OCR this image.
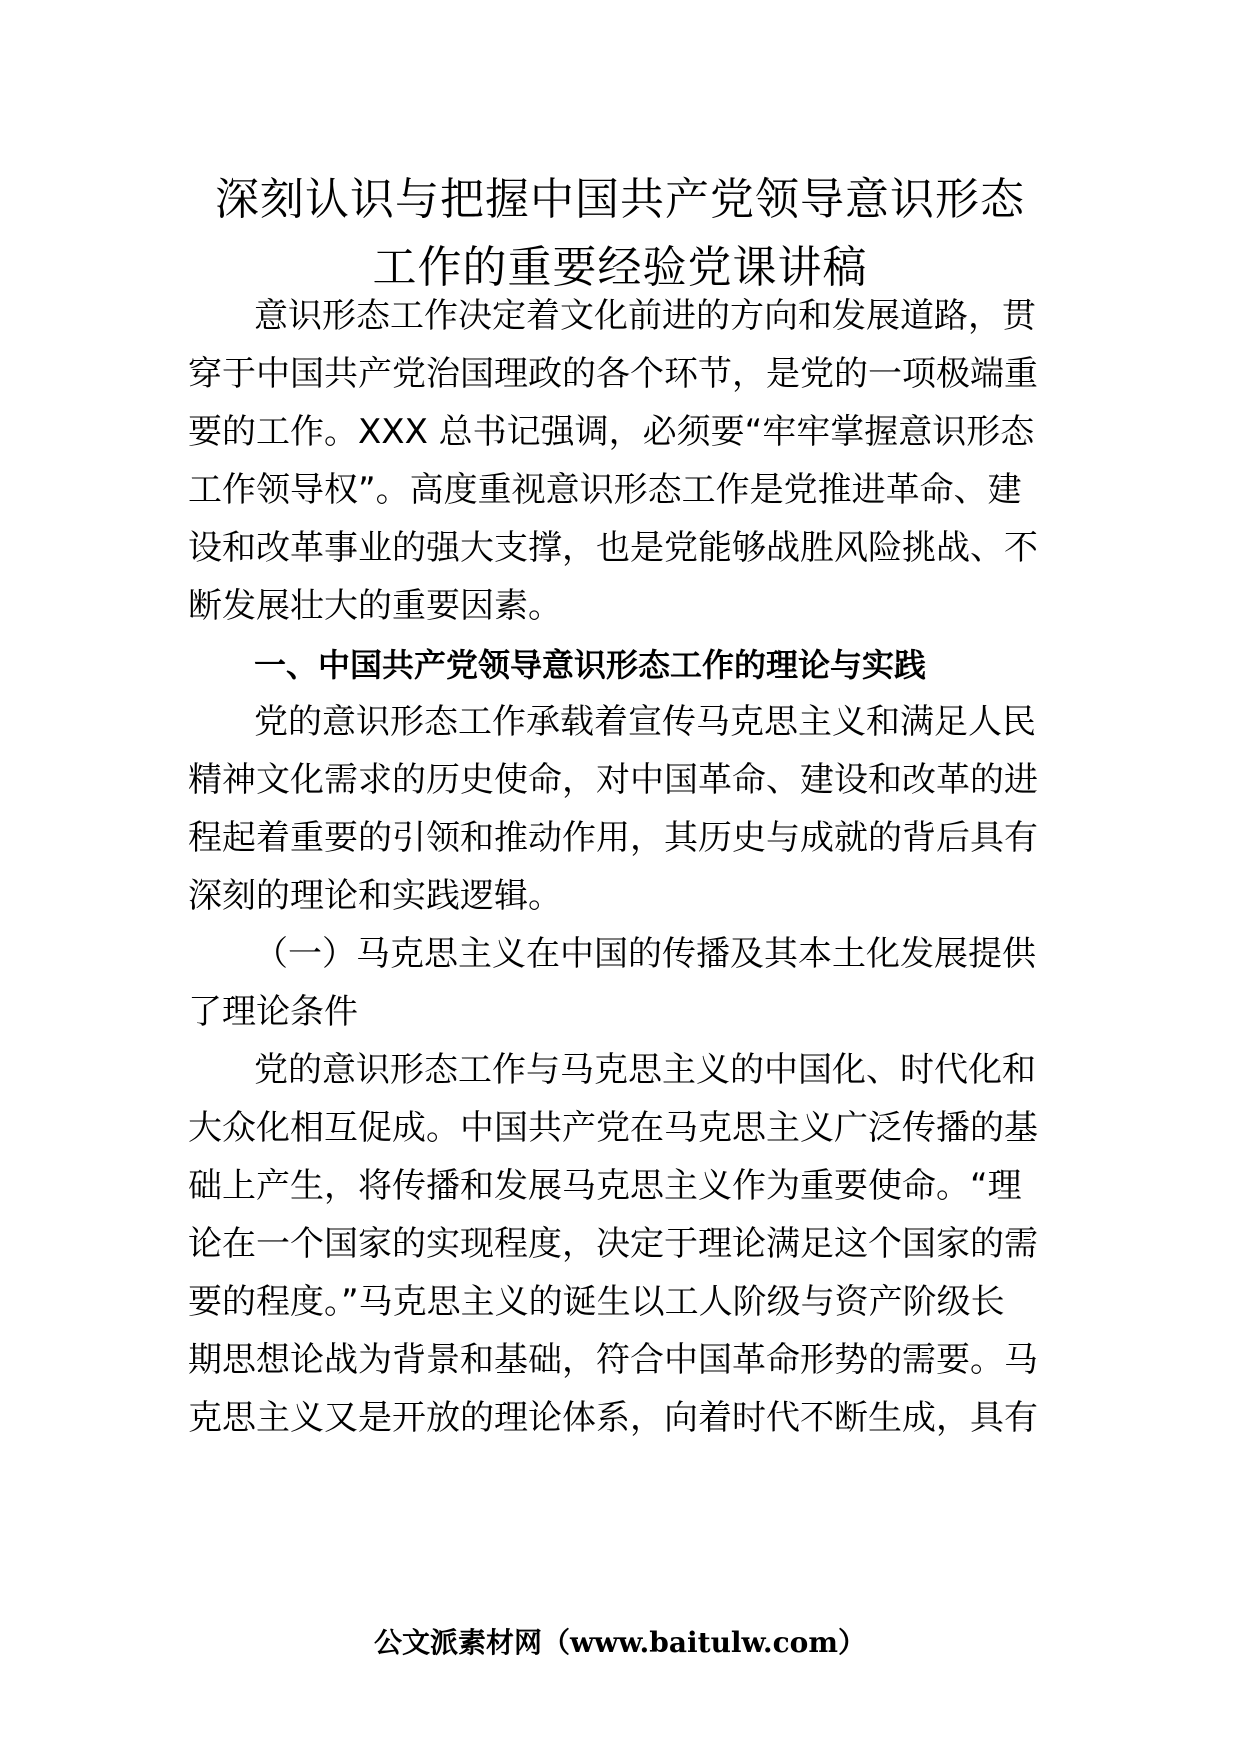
深刻认识与把握中国共产党领导意识形态
工作的重要经验党课讲稿
意识形态工作决定着文化前进的方向和发展道路，贯
穿于中国共产党治国理政的各个环节，是党的一项极端重
要的工作。XXX 总书记强调，必须要“牢牢掌握意识形态
工作领导权”。高度重视意识形态工作是党推进革命、建
设和改革事业的强大支撑，也是党能够战胜风险挑战、不
断发展壮大的重要因素。
一、中国共产党领导意识形态工作的理论与实践
党的意识形态工作承载着宣传马克思主义和满足人民
精神文化需求的历史使命，对中国革命、建设和改革的进
程起着重要的引领和推动作用，其历史与成就的背后具有
深刻的理论和实践逻辑。
（一）马克思主义在中国的传播及其本土化发展提供
了理论条件
党的意识形态工作与马克思主义的中国化、时代化和
大众化相互促成。中国共产党在马克思主义广泛传播的基
础上产生，将传播和发展马克思主义作为重要使命。“理
论在一个国家的实现程度，决定于理论满足这个国家的需
要的程度。”马克思主义的诞生以工人阶级与资产阶级长
期思想论战为背景和基础，符合中国革命形势的需要。马
克思主义又是开放的理论体系，向着时代不断生成，具有
公文派素材网（www.baitulw.com）
